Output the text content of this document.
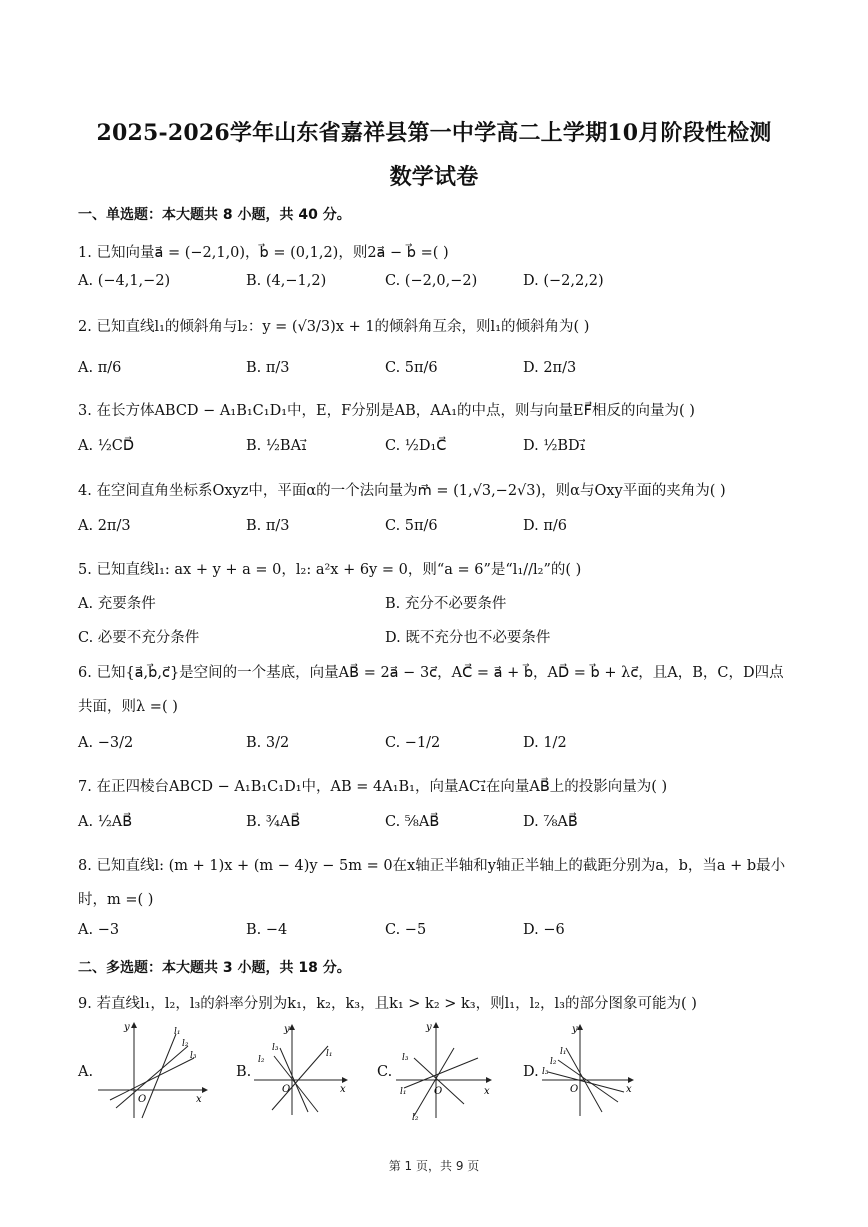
2025-2026学年山东省嘉祥县第一中学高二上学期10月阶段性检测
数学试卷
一、单选题：本大题共 8 小题，共 40 分。
1. 已知向量a⃗ = (−2,1,0)，b⃗ = (0,1,2)，则2a⃗ − b⃗ =( )
A. (−4,1,−2)	B. (4,−1,2)	C. (−2,0,−2)	D. (−2,2,2)
2. 已知直线l₁的倾斜角与l₂：y = (√3/3)x + 1的倾斜角互余，则l₁的倾斜角为( )
A. π/6	B. π/3	C. 5π/6	D. 2π/3
3. 在长方体ABCD − A₁B₁C₁D₁中，E，F分别是AB，AA₁的中点，则与向量EF⃗相反的向量为( )
A. ½CD⃗	B. ½BA₁⃗	C. ½D₁C⃗	D. ½BD₁⃗
4. 在空间直角坐标系Oxyz中，平面α的一个法向量为m⃗ = (1,√3,−2√3)，则α与Oxy平面的夹角为( )
A. 2π/3	B. π/3	C. 5π/6	D. π/6
5. 已知直线l₁: ax + y + a = 0，l₂: a²x + 6y = 0，则“a = 6”是“l₁//l₂”的( )
A. 充要条件	B. 充分不必要条件
C. 必要不充分条件	D. 既不充分也不必要条件
6. 已知{a⃗,b⃗,c⃗}是空间的一个基底，向量AB⃗ = 2a⃗ − 3c⃗，AC⃗ = a⃗ + b⃗，AD⃗ = b⃗ + λc⃗，且A，B，C，D四点
共面，则λ =( )
A. −3/2	B. 3/2	C. −1/2	D. 1/2
7. 在正四棱台ABCD − A₁B₁C₁D₁中，AB = 4A₁B₁，向量AC₁⃗在向量AB⃗上的投影向量为( )
A. ½AB⃗	B. ¾AB⃗	C. ⅝AB⃗	D. ⅞AB⃗
8. 已知直线l: (m + 1)x + (m − 4)y − 5m = 0在x轴正半轴和y轴正半轴上的截距分别为a，b，当a + b最小
时，m =( )
A. −3	B. −4	C. −5	D. −6
二、多选题：本大题共 3 小题，共 18 分。
9. 若直线l₁，l₂，l₃的斜率分别为k₁，k₂，k₃，且k₁ > k₂ > k₃，则l₁，l₂，l₃的部分图象可能为( )
A.
x
y
O
l₁
l₂
l₃
B.
x
y
O
l₁
l₂
l₃
C.
x
y
O
l₁
l₂
l₃
D.
x
y
O
l₁
l₂
l₃
第 1 页，共 9 页
